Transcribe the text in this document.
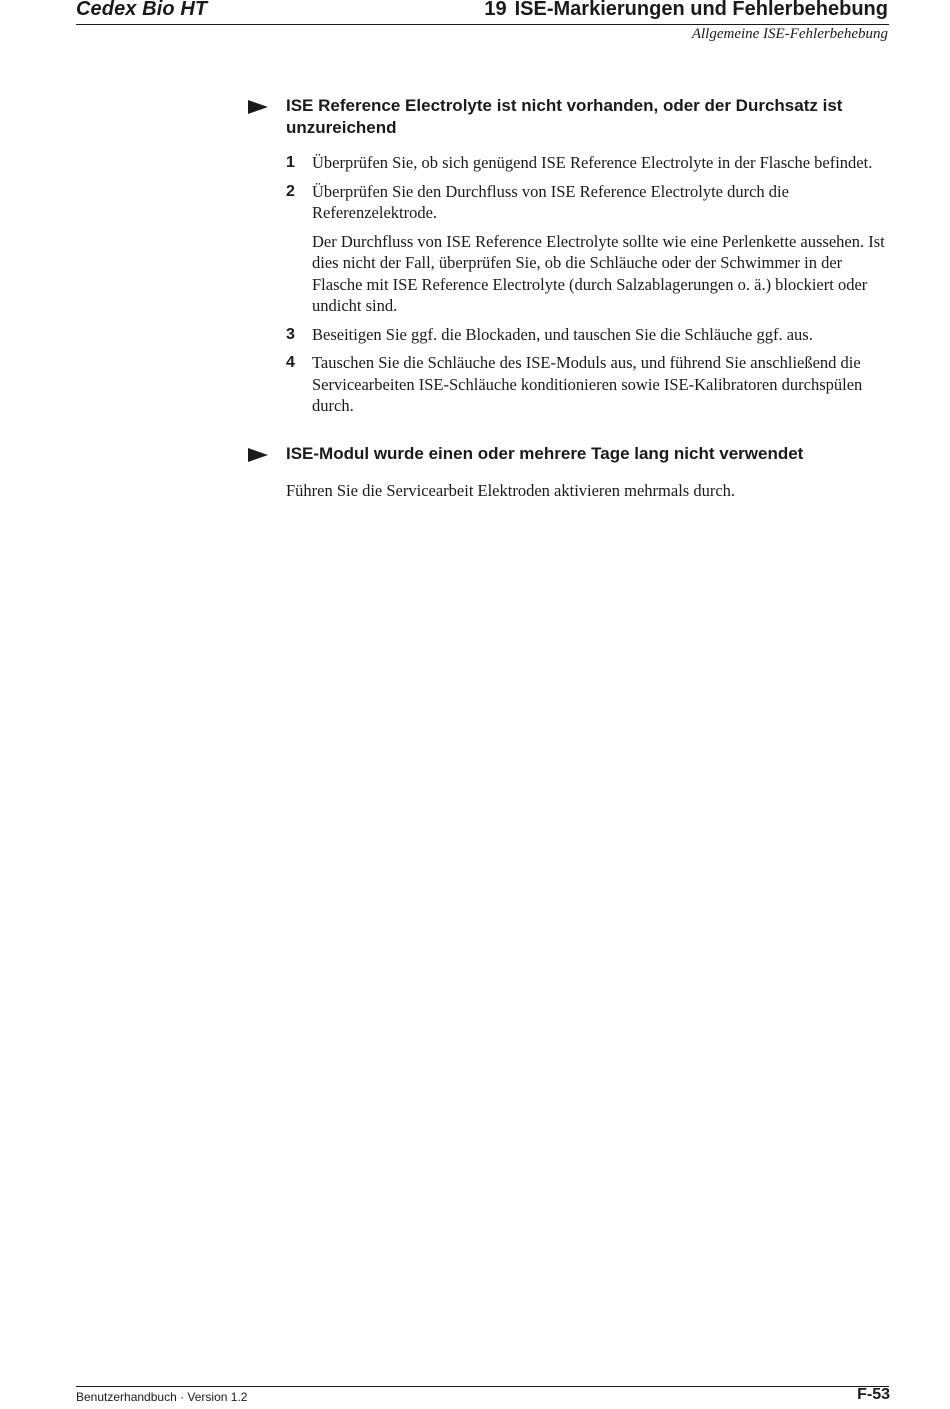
Cedex Bio HT	19 ISE-Markierungen und Fehlerbehebung
Allgemeine ISE-Fehlerbehebung
ISE Reference Electrolyte ist nicht vorhanden, oder der Durchsatz ist unzureichend
1 Überprüfen Sie, ob sich genügend ISE Reference Electrolyte in der Flasche befindet.
2 Überprüfen Sie den Durchfluss von ISE Reference Electrolyte durch die Referenzelektrode.
Der Durchfluss von ISE Reference Electrolyte sollte wie eine Perlenkette aussehen. Ist dies nicht der Fall, überprüfen Sie, ob die Schläuche oder der Schwimmer in der Flasche mit ISE Reference Electrolyte (durch Salzablagerungen o. ä.) blockiert oder undicht sind.
3 Beseitigen Sie ggf. die Blockaden, und tauschen Sie die Schläuche ggf. aus.
4 Tauschen Sie die Schläuche des ISE-Moduls aus, und führend Sie anschließend die Servicearbeiten ISE-Schläuche konditionieren sowie ISE-Kalibratoren durchspülen durch.
ISE-Modul wurde einen oder mehrere Tage lang nicht verwendet
Führen Sie die Servicearbeit Elektroden aktivieren mehrmals durch.
Benutzerhandbuch · Version 1.2	F-53
